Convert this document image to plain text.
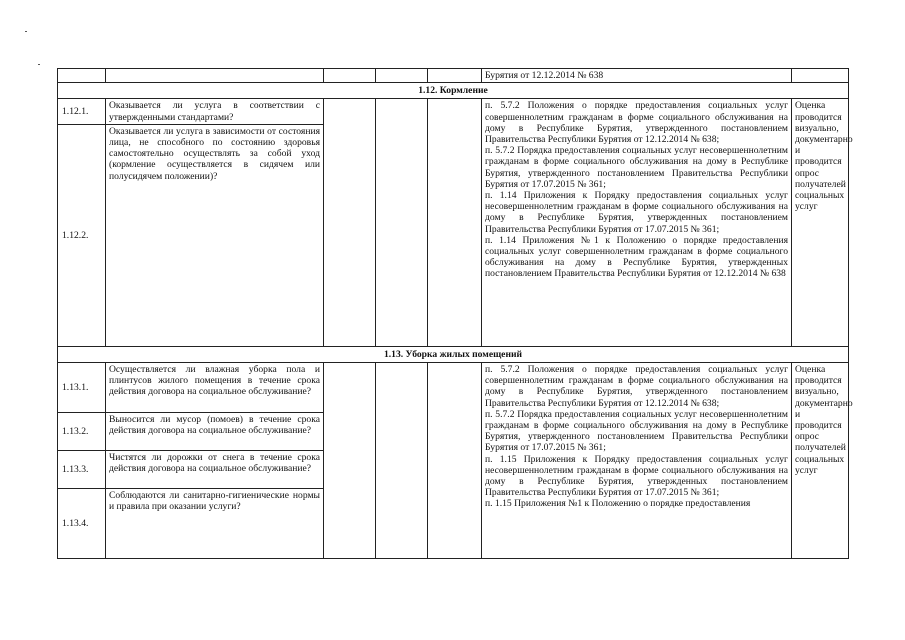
					Бурятия от 12.12.2014 № 638	
1.12. Кормление						
1.12.1.	Оказывается ли услуга в соответствии с утвержденными стандартами?				п. 5.7.2 Положения о порядке предоставления социальных услуг совершеннолетним гражданам в форме социального обслуживания на дому в Республике Бурятия, утвержденного постановлением Правительства Республики Бурятия от 12.12.2014 № 638;
п. 5.7.2 Порядка предоставления социальных услуг несовершеннолетним гражданам в форме социального обслуживания на дому в Республике Бурятия, утвержденного постановлением Правительства Республики Бурятия от 17.07.2015 № 361;
п. 1.14 Приложения к Порядку предоставления социальных услуг несовершеннолетним гражданам в форме социального обслуживания на дому в Республике Бурятия, утвержденных постановлением Правительства Республики Бурятия от 17.07.2015 № 361;
п. 1.14 Приложения №1 к Положению о порядке предоставления социальных услуг совершеннолетним гражданам в форме социального обслуживания на дому в Республике Бурятия, утвержденных постановлением Правительства Республики Бурятия от 12.12.2014 № 638	Оценка проводится визуально, документарно и проводится опрос получателей социальных услуг
1.12.2.	Оказывается ли услуга в зависимости от состояния лица, не способного по состоянию здоровья самостоятельно осуществлять за собой уход (кормление осуществляется в сидячем или полусидячем положении)?					
1.13. Уборка жилых помещений						
1.13.1.	Осуществляется ли влажная уборка пола и плинтусов жилого помещения в течение срока действия договора на социальное обслуживание?				п. 5.7.2 Положения о порядке предоставления социальных услуг совершеннолетним гражданам в форме социального обслуживания на дому в Республике Бурятия, утвержденного постановлением Правительства Республики Бурятия от 12.12.2014 № 638;
п. 5.7.2 Порядка предоставления социальных услуг несовершеннолетним гражданам в форме социального обслуживания на дому в Республике Бурятия, утвержденного постановлением Правительства Республики Бурятия от 17.07.2015 № 361;
п. 1.15 Приложения к Порядку предоставления социальных услуг несовершеннолетним гражданам в форме социального обслуживания на дому в Республике Бурятия, утвержденных постановлением Правительства Республики Бурятия от 17.07.2015 № 361;
п. 1.15 Приложения №1 к Положению о порядке предоставления	Оценка проводится визуально, документарно и проводится опрос получателей социальных услуг
1.13.2.	Выносится ли мусор (помоев) в течение срока действия договора на социальное обслуживание?					
1.13.3.	Чистятся ли дорожки от снега в течение срока действия договора на социальное обслуживание?					
1.13.4.	Соблюдаются ли санитарно-гигиенические нормы и правила при оказании услуги?					
